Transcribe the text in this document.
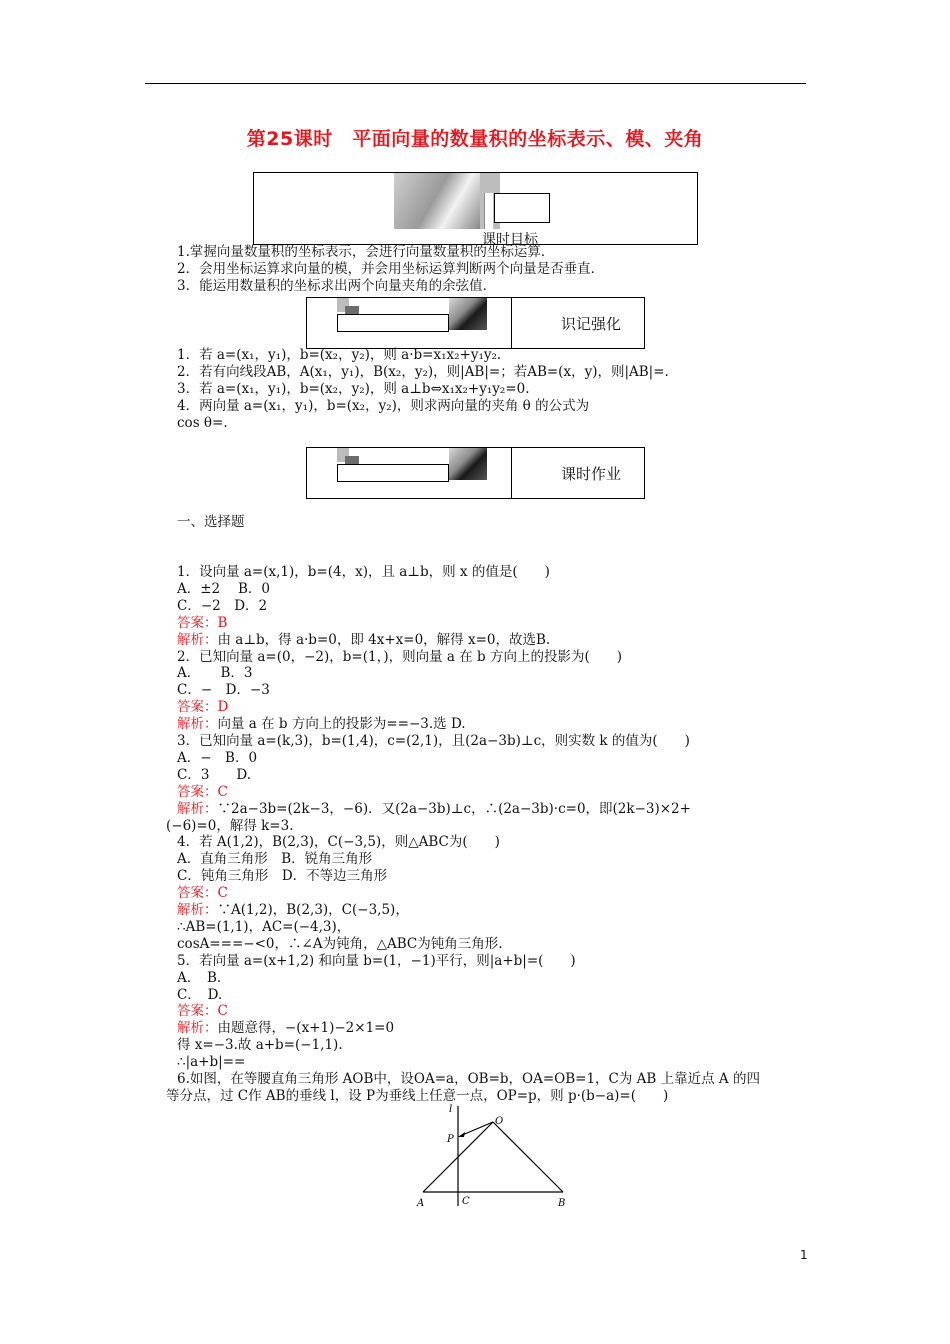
第25课时　平面向量的数量积的坐标表示、模、夹角
课时目标
1.掌握向量数量积的坐标表示，会进行向量数量积的坐标运算．
2．会用坐标运算求向量的模，并会用坐标运算判断两个向量是否垂直．
3．能运用数量积的坐标求出两个向量夹角的余弦值．
识记强化
1．若 a=(x₁，y₁)，b=(x₂，y₂)，则 a·b=x₁x₂+y₁y₂.
2．若有向线段AB，A(x₁，y₁)，B(x₂，y₂)，则|AB|=；若AB=(x，y)，则|AB|=.
3．若 a=(x₁，y₁)，b=(x₂，y₂)，则 a⊥b⇔x₁x₂+y₁y₂=0.
4．两向量 a=(x₁，y₁)，b=(x₂，y₂)，则求两向量的夹角 θ 的公式为
cos θ=.
课时作业
一、选择题
1．设向量 a=(x,1)，b=(4，x)，且 a⊥b，则 x 的值是(　　)
A．±2　 B．0
C．−2　D．2
答案：B
解析：由 a⊥b，得 a·b=0，即 4x+x=0，解得 x=0，故选B.
2．已知向量 a=(0，−2)，b=(1，)，则向量 a 在 b 方向上的投影为(　　)
A．　　B．3
C．−　D．−3
答案：D
解析：向量 a 在 b 方向上的投影为==−3.选 D.
3．已知向量 a=(k,3)，b=(1,4)，c=(2,1)，且(2a−3b)⊥c，则实数 k 的值为(　　)
A．−　B．0
C．3　　D.
答案：C
解析：∵2a−3b=(2k−3，−6)．又(2a−3b)⊥c，∴(2a−3b)·c=0，即(2k−3)×2+
(−6)=0，解得 k=3.
4．若 A(1,2)，B(2,3)，C(−3,5)，则△ABC为(　　)
A．直角三角形　B．锐角三角形
C．钝角三角形　D．不等边三角形
答案：C
解析：∵A(1,2)，B(2,3)，C(−3,5)，
∴AB=(1,1)，AC=(−4,3)，
cosA===−<0，∴∠A为钝角，△ABC为钝角三角形.
5．若向量 a=(x+1,2) 和向量 b=(1，−1)平行，则|a+b|=(　　)
A．　B.
C．　D.
答案：C
解析：由题意得，−(x+1)−2×1=0
得 x=−3.故 a+b=(−1,1).
∴|a+b|==
6.如图，在等腰直角三角形 AOB中，设OA=a，OB=b，OA=OB=1，C为 AB 上靠近点 A 的四
等分点，过 C作 AB的垂线 l，设 P为垂线上任意一点，OP=p，则 p·(b−a)=(　　)
l
O
P
A	C	B
1
